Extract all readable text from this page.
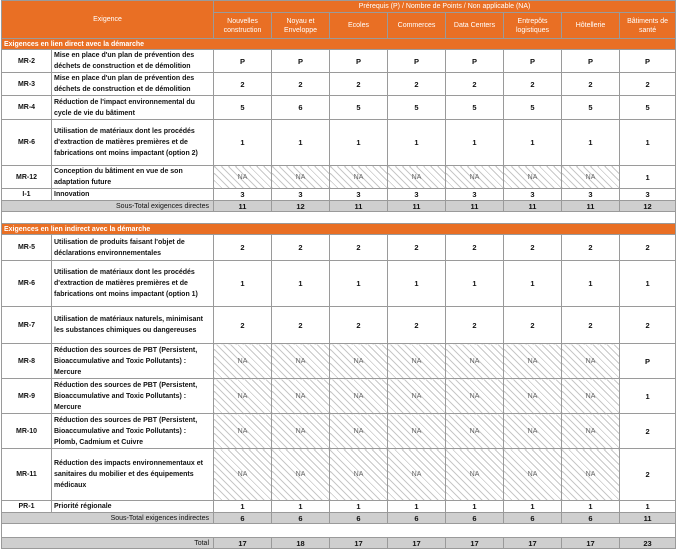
Exigence		Prérequis (P) / Nombre de Points / Non applicable (NA)							
		Nouvelles construction	Noyau et Enveloppe	Ecoles	Commerces	Data Centers	Entrepôts logistiques	Hôtellerie	Bâtiments de santé
Exigences en lien direct avec la démarche									
MR-2	Mise en place d'un plan de prévention des déchets de construction et de démolition	P	P	P	P	P	P	P	P
MR-3	Mise en place d'un plan de prévention des déchets de construction et de démolition	2	2	2	2	2	2	2	2
MR-4	Réduction de l'impact environnemental du cycle de vie du bâtiment	5	6	5	5	5	5	5	5
MR-6	Utilisation de matériaux dont les procédés d'extraction de matières premières et de fabrications ont moins impactant (option 2)	1	1	1	1	1	1	1	1
MR-12	Conception du bâtiment en vue de son adaptation future	NA	NA	NA	NA	NA	NA	NA	1
I-1	Innovation	3	3	3	3	3	3	3	3
Sous-Total exigences directes		11	12	11	11	11	11	11	12

Exigences en lien indirect avec la démarche									
MR-5	Utilisation de produits faisant l'objet de déclarations environnementales	2	2	2	2	2	2	2	2
MR-6	Utilisation de matériaux dont les procédés d'extraction de matières premières et de fabrications ont moins impactant (option 1)	1	1	1	1	1	1	1	1
MR-7	Utilisation de matériaux naturels, minimisant les substances chimiques ou dangereuses	2	2	2	2	2	2	2	2
MR-8	Réduction des sources de PBT (Persistent, Bioaccumulative and Toxic Pollutants) : Mercure	NA	NA	NA	NA	NA	NA	NA	P
MR-9	Réduction des sources de PBT (Persistent, Bioaccumulative and Toxic Pollutants) : Mercure	NA	NA	NA	NA	NA	NA	NA	1
MR-10	Réduction des sources de PBT (Persistent, Bioaccumulative and Toxic Pollutants) : Plomb, Cadmium et Cuivre	NA	NA	NA	NA	NA	NA	NA	2
MR-11	Réduction des impacts environnementaux et sanitaires du mobilier et des équipements médicaux	NA	NA	NA	NA	NA	NA	NA	2
PR-1	Priorité régionale	1	1	1	1	1	1	1	1
Sous-Total exigences indirectes		6	6	6	6	6	6	6	11

Total		17	18	17	17	17	17	17	23
